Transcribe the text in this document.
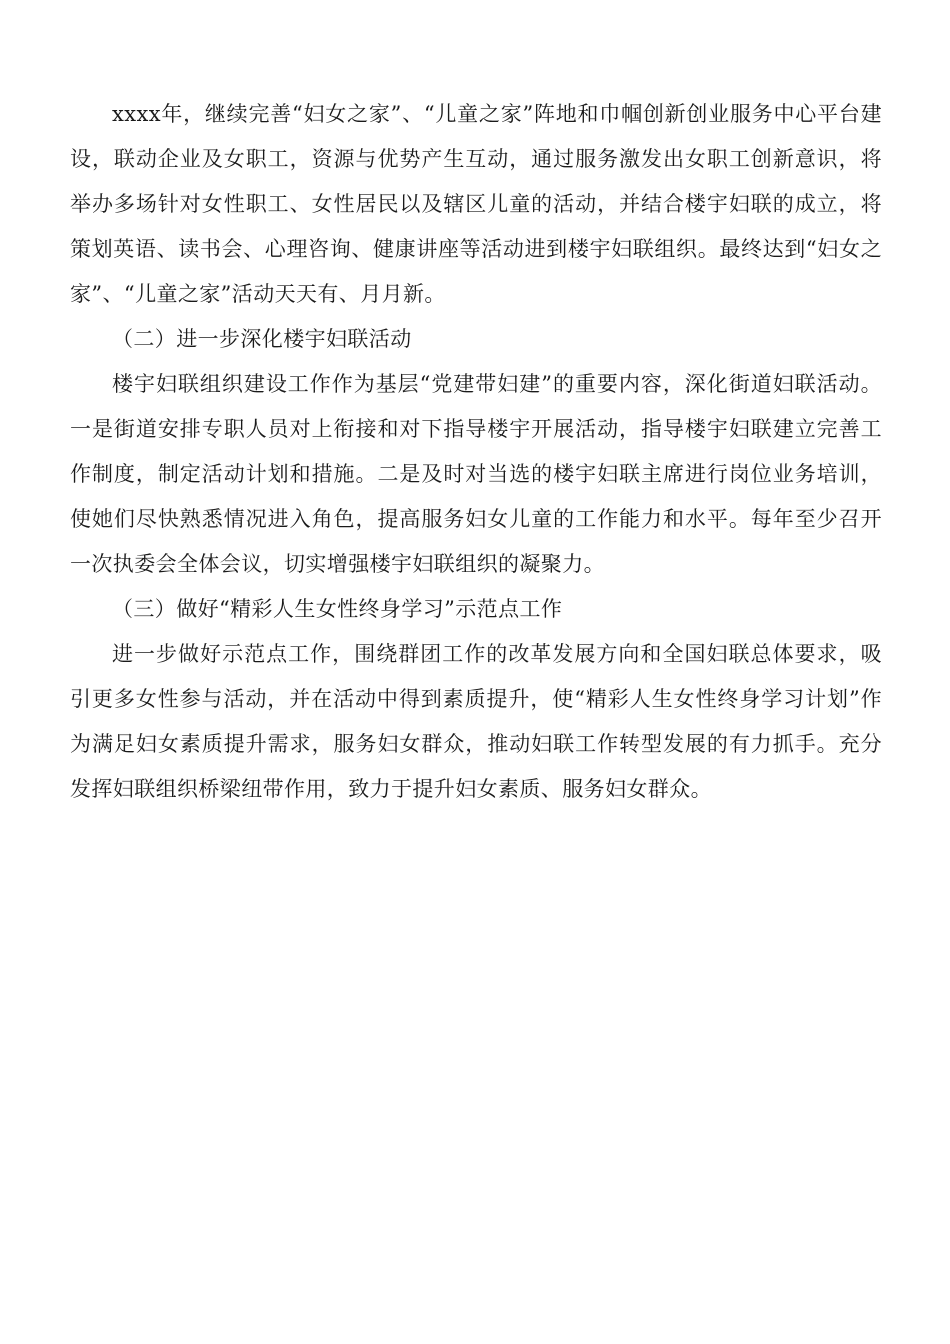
xxxx年，继续完善“妇女之家”、“儿童之家”阵地和巾帼创新创业服务中心平台建设，联动企业及女职工，资源与优势产生互动，通过服务激发出女职工创新意识，将举办多场针对女性职工、女性居民以及辖区儿童的活动，并结合楼宇妇联的成立，将策划英语、读书会、心理咨询、健康讲座等活动进到楼宇妇联组织。最终达到“妇女之家”、“儿童之家”活动天天有、月月新。

（二）进一步深化楼宇妇联活动

楼宇妇联组织建设工作作为基层“党建带妇建”的重要内容，深化街道妇联活动。一是街道安排专职人员对上衔接和对下指导楼宇开展活动，指导楼宇妇联建立完善工作制度，制定活动计划和措施。二是及时对当选的楼宇妇联主席进行岗位业务培训，使她们尽快熟悉情况进入角色，提高服务妇女儿童的工作能力和水平。每年至少召开一次执委会全体会议，切实增强楼宇妇联组织的凝聚力。

（三）做好“精彩人生女性终身学习”示范点工作

进一步做好示范点工作，围绕群团工作的改革发展方向和全国妇联总体要求，吸引更多女性参与活动，并在活动中得到素质提升，使“精彩人生女性终身学习计划”作为满足妇女素质提升需求，服务妇女群众，推动妇联工作转型发展的有力抓手。充分发挥妇联组织桥梁纽带作用，致力于提升妇女素质、服务妇女群众。
